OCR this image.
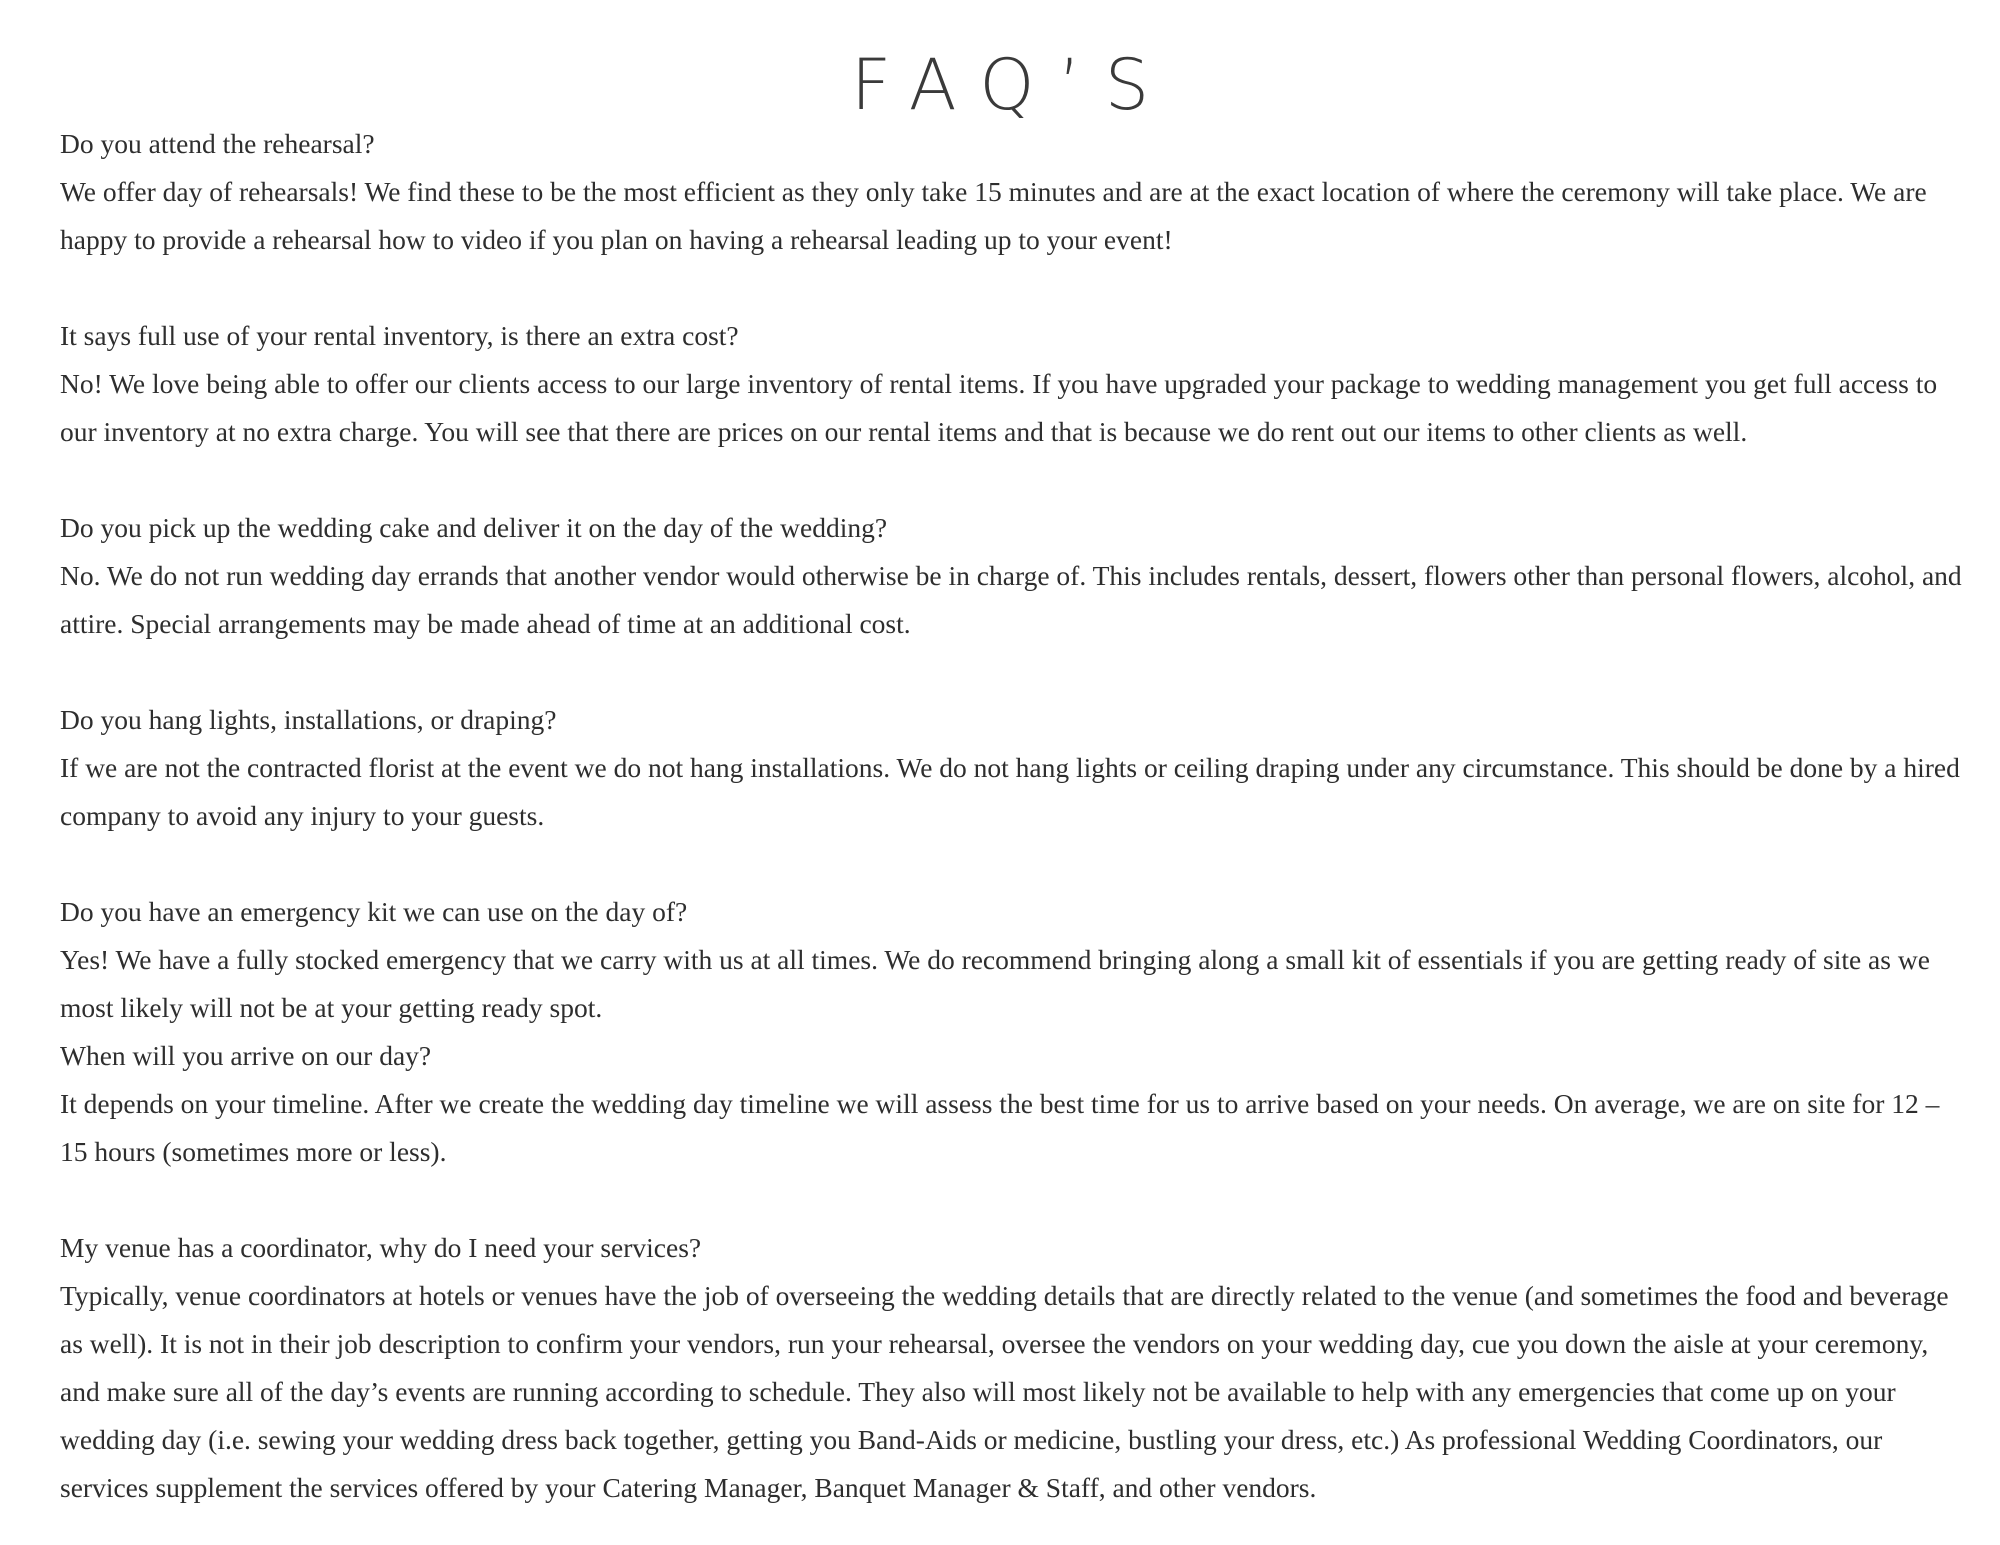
FAQ’S

Do you attend the rehearsal?

We offer day of rehearsals! We find these to be the most efficient as they only take 15 minutes and are at the exact location of where the ceremony will take place. We are happy to provide a rehearsal how to video if you plan on having a rehearsal leading up to your event!

It says full use of your rental inventory, is there an extra cost?

No! We love being able to offer our clients access to our large inventory of rental items. If you have upgraded your package to wedding management you get full access to our inventory at no extra charge. You will see that there are prices on our rental items and that is because we do rent out our items to other clients as well.

Do you pick up the wedding cake and deliver it on the day of the wedding?

No. We do not run wedding day errands that another vendor would otherwise be in charge of. This includes rentals, dessert, flowers other than personal flowers, alcohol, and attire. Special arrangements may be made ahead of time at an additional cost.

Do you hang lights, installations, or draping?

If we are not the contracted florist at the event we do not hang installations. We do not hang lights or ceiling draping under any circumstance. This should be done by a hired company to avoid any injury to your guests.

Do you have an emergency kit we can use on the day of?

Yes! We have a fully stocked emergency that we carry with us at all times. We do recommend bringing along a small kit of essentials if you are getting ready of site as we most likely will not be at your getting ready spot.

When will you arrive on our day?

It depends on your timeline. After we create the wedding day timeline we will assess the best time for us to arrive based on your needs. On average, we are on site for 12 – 15 hours (sometimes more or less).

My venue has a coordinator, why do I need your services?

Typically, venue coordinators at hotels or venues have the job of overseeing the wedding details that are directly related to the venue (and sometimes the food and beverage as well). It is not in their job description to confirm your vendors, run your rehearsal, oversee the vendors on your wedding day, cue you down the aisle at your ceremony, and make sure all of the day’s events are running according to schedule. They also will most likely not be available to help with any emergencies that come up on your wedding day (i.e. sewing your wedding dress back together, getting you Band-Aids or medicine, bustling your dress, etc.) As professional Wedding Coordinators, our services supplement the services offered by your Catering Manager, Banquet Manager & Staff, and other vendors.
